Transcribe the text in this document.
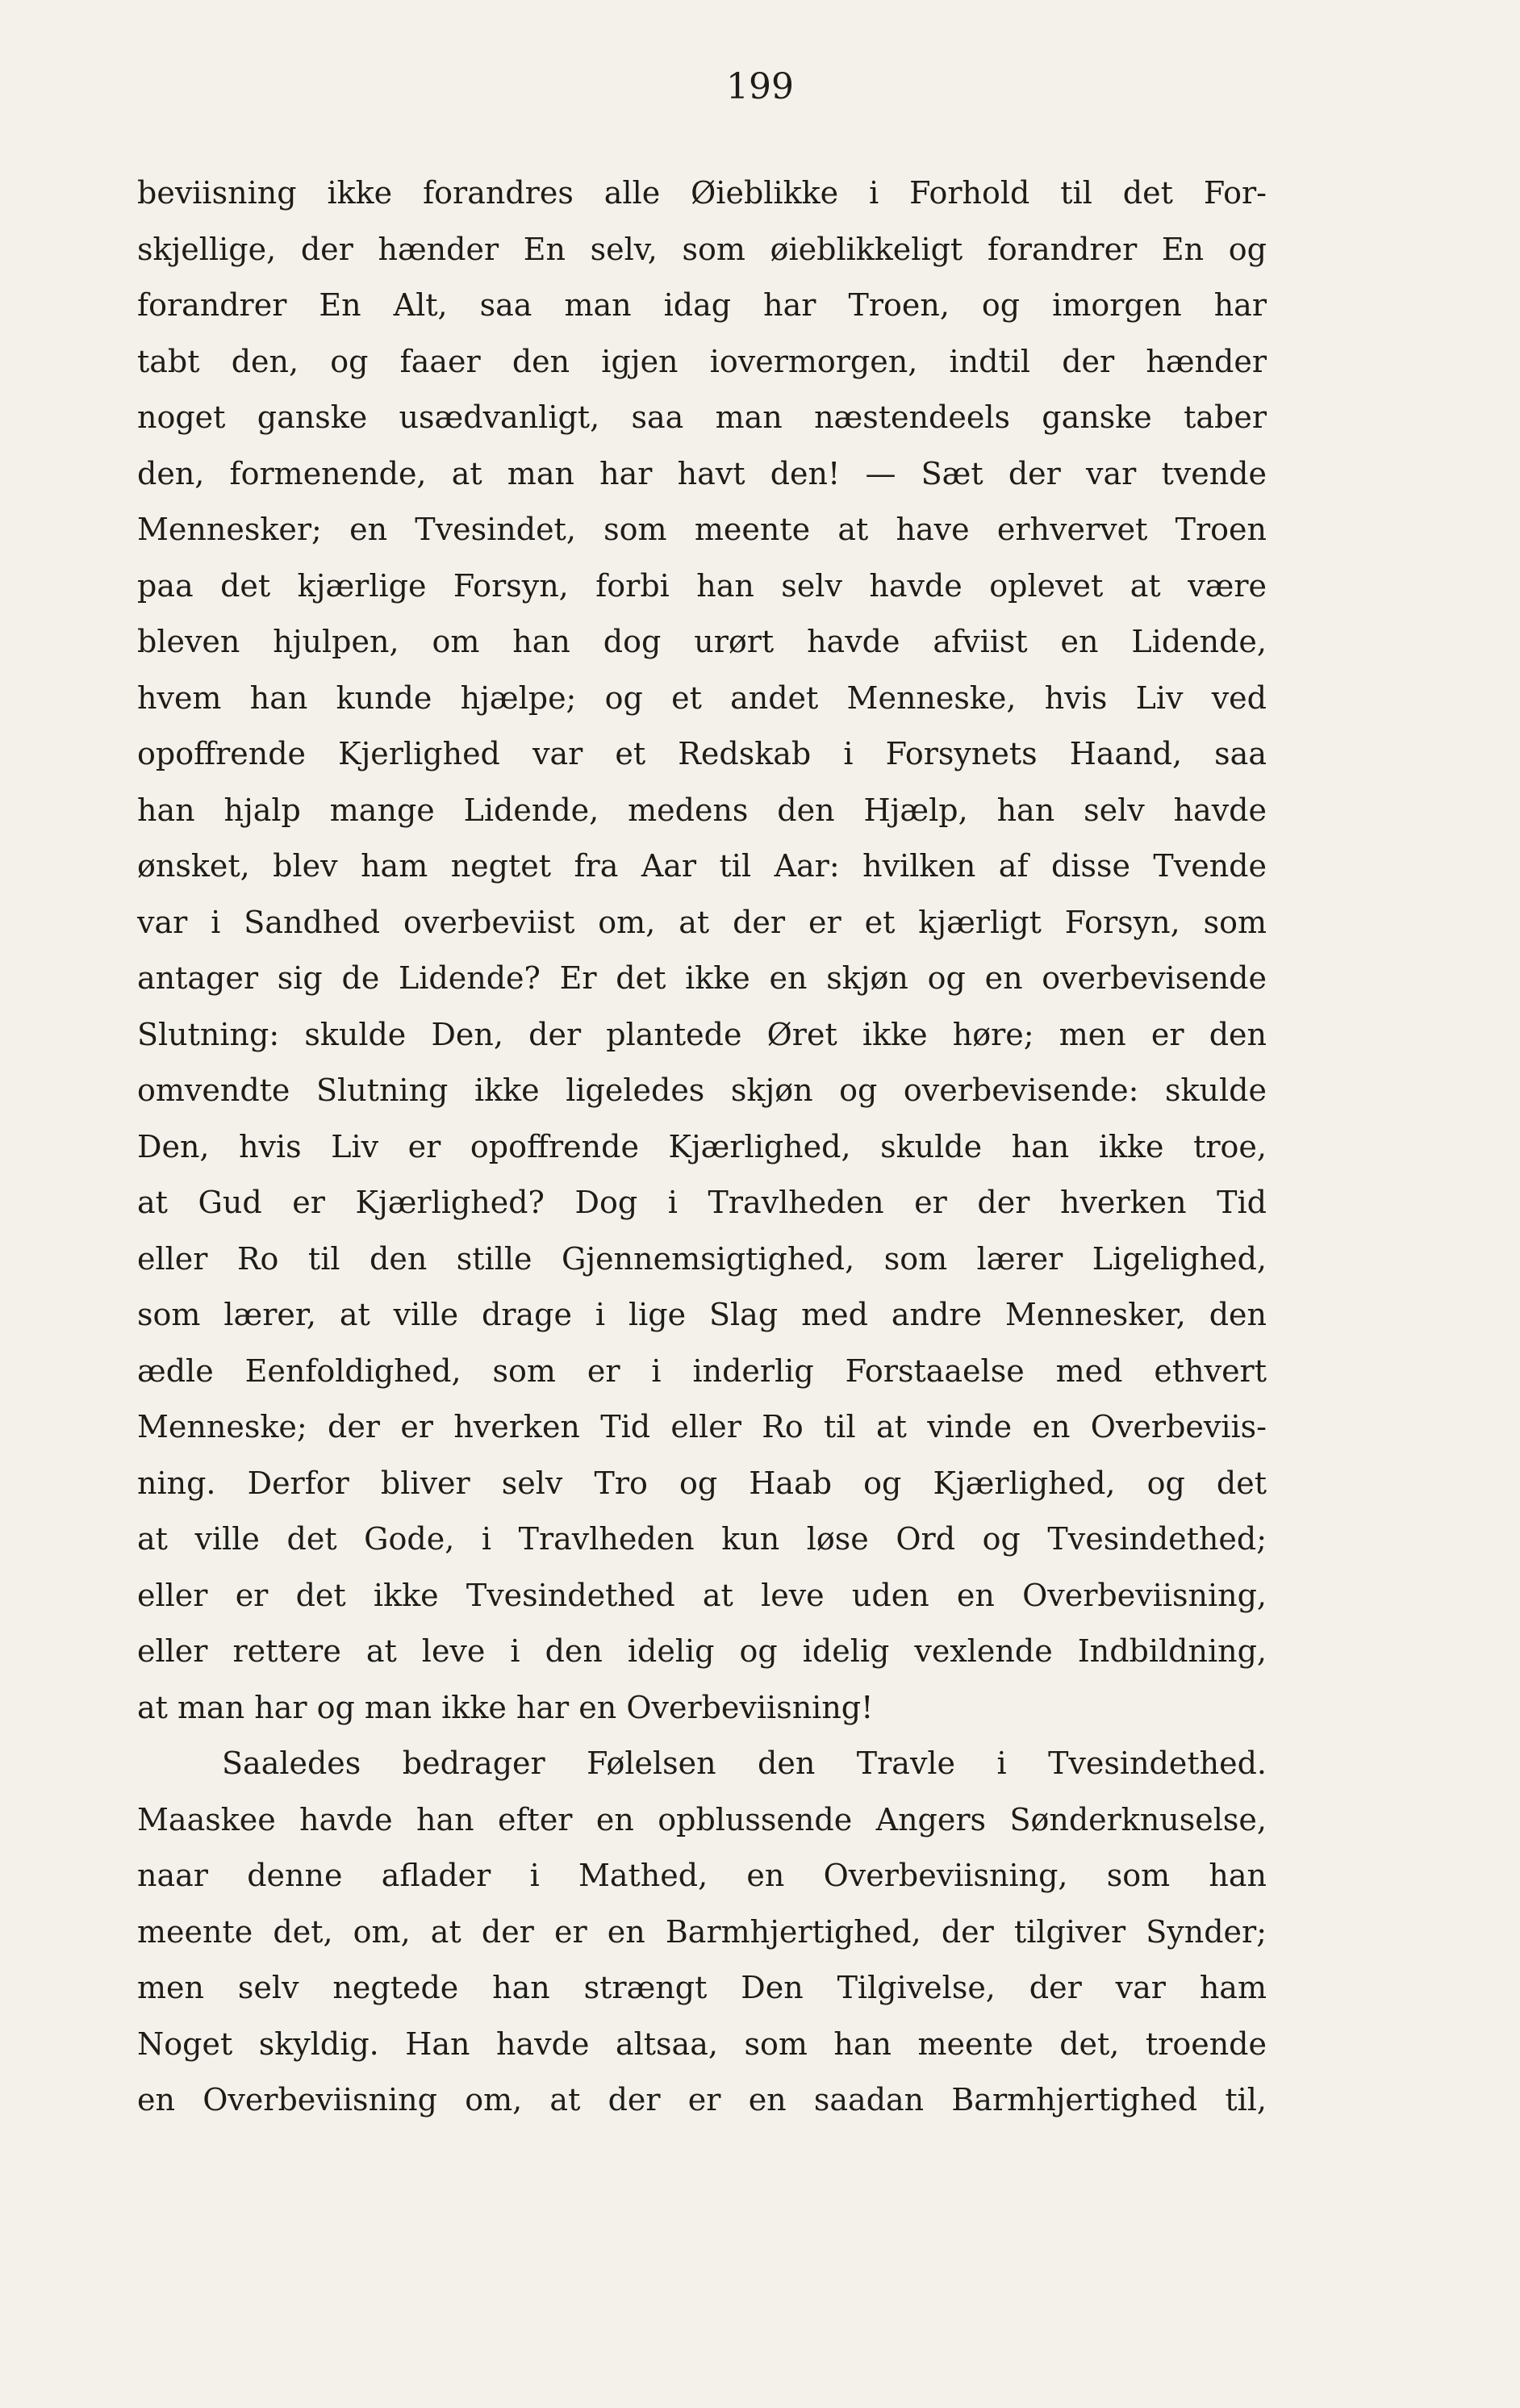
199
beviisning ikke forandres alle Øieblikke i Forhold til det For-
skjellige, der hænder En selv, som øieblikkeligt forandrer En og
forandrer En Alt, saa man idag har Troen, og imorgen har
tabt den, og faaer den igjen iovermorgen, indtil der hænder
noget ganske usædvanligt, saa man næstendeels ganske taber
den, formenende, at man har havt den! — Sæt der var tvende
Mennesker; en Tvesindet, som meente at have erhvervet Troen
paa det kjærlige Forsyn, forbi han selv havde oplevet at være
bleven hjulpen, om han dog urørt havde afviist en Lidende,
hvem han kunde hjælpe; og et andet Menneske, hvis Liv ved
opoffrende Kjerlighed var et Redskab i Forsynets Haand, saa
han hjalp mange Lidende, medens den Hjælp, han selv havde
ønsket, blev ham negtet fra Aar til Aar: hvilken af disse Tvende
var i Sandhed overbeviist om, at der er et kjærligt Forsyn, som
antager sig de Lidende? Er det ikke en skjøn og en overbevisende
Slutning: skulde Den, der plantede Øret ikke høre; men er den
omvendte Slutning ikke ligeledes skjøn og overbevisende: skulde
Den, hvis Liv er opoffrende Kjærlighed, skulde han ikke troe,
at Gud er Kjærlighed? Dog i Travlheden er der hverken Tid
eller Ro til den stille Gjennemsigtighed, som lærer Ligelighed,
som lærer, at ville drage i lige Slag med andre Mennesker, den
ædle Eenfoldighed, som er i inderlig Forstaaelse med ethvert
Menneske; der er hverken Tid eller Ro til at vinde en Overbeviis-
ning. Derfor bliver selv Tro og Haab og Kjærlighed, og det
at ville det Gode, i Travlheden kun løse Ord og Tvesindethed;
eller er det ikke Tvesindethed at leve uden en Overbeviisning,
eller rettere at leve i den idelig og idelig vexlende Indbildning,
at man har og man ikke har en Overbeviisning!
Saaledes bedrager Følelsen den Travle i Tvesindethed.
Maaskee havde han efter en opblussende Angers Sønderknuselse,
naar denne aflader i Mathed, en Overbeviisning, som han
meente det, om, at der er en Barmhjertighed, der tilgiver Synder;
men selv negtede han strængt Den Tilgivelse, der var ham
Noget skyldig. Han havde altsaa, som han meente det, troende
en Overbeviisning om, at der er en saadan Barmhjertighed til,
